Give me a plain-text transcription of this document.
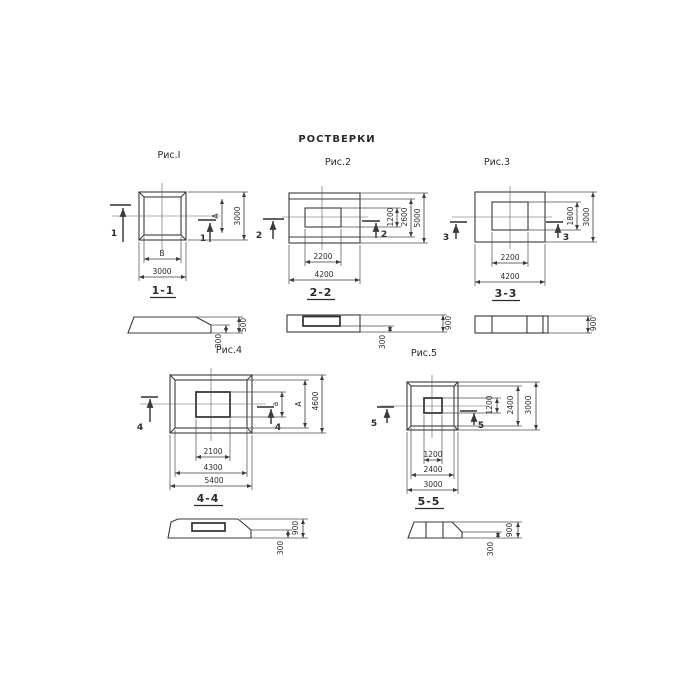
РОСТВЕРКИ
Рис.I
1	1
3000
А
В
3000
1-1
500
300
Рис.2
2	2
1200 2600 5000
2200
4200
2-2
900
300
Рис.3
3	3
1800 3000
2200
4200
3-3
900
Рис.4
4	4
a А 4600
2100
4300
5400
4-4
900
300
Рис.5
5	5
1200 2400 3000
1200
2400
3000
5-5
900
300
